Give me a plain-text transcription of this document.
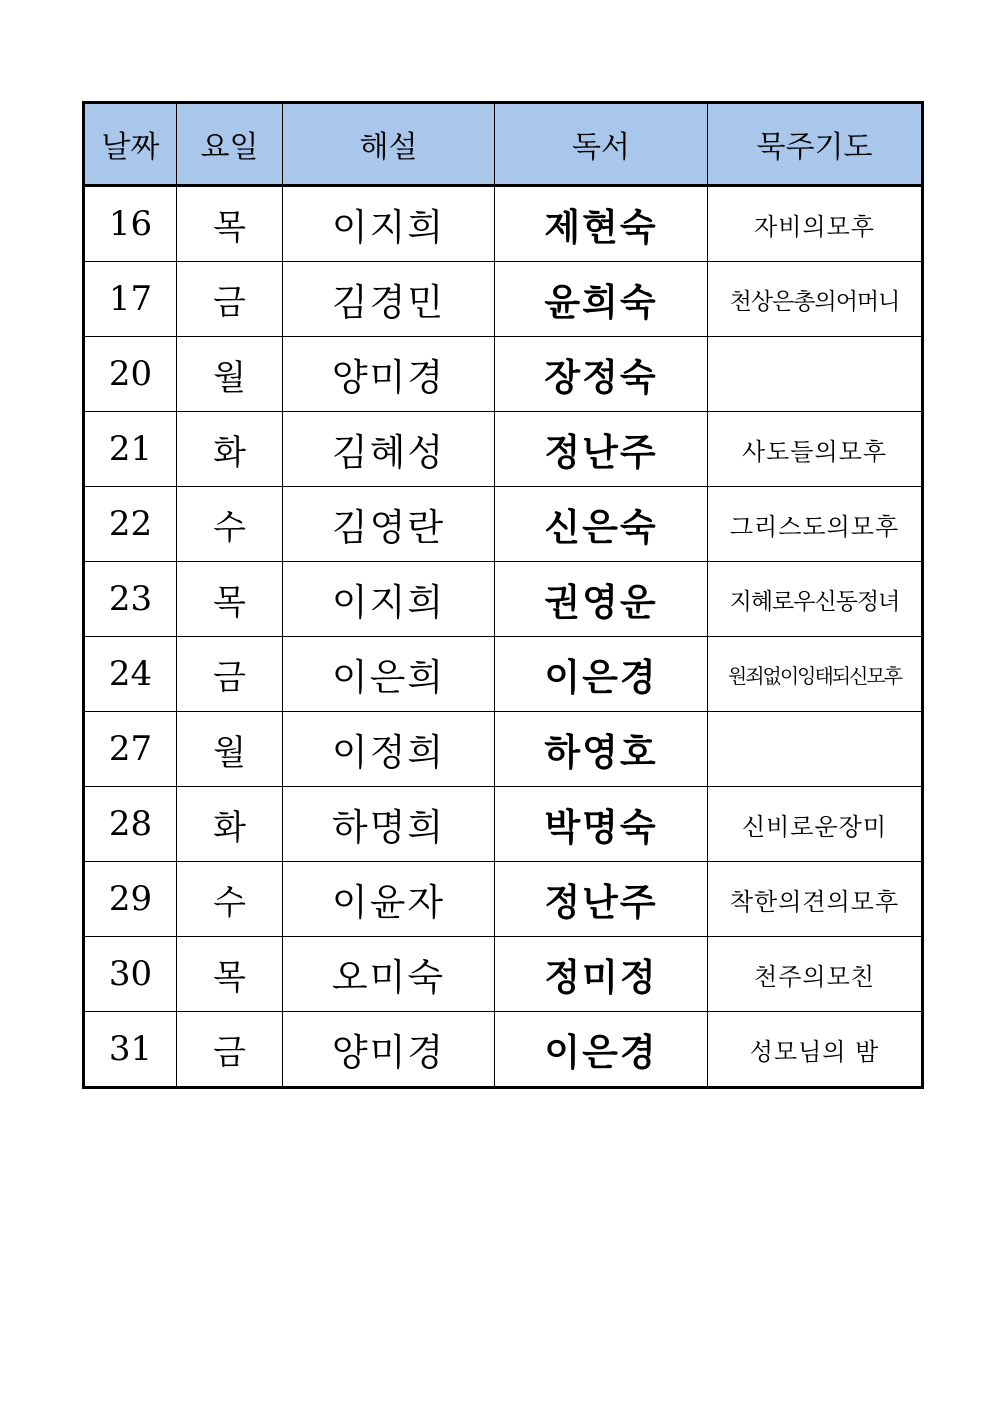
날짜	요일	해설	독서	묵주기도
16	목	이지희	제현숙	자비의모후
17	금	김경민	윤희숙	천상은총의어머니
20	월	양미경	장정숙	
21	화	김혜성	정난주	사도들의모후
22	수	김영란	신은숙	그리스도의모후
23	목	이지희	권영운	지혜로우신동정녀
24	금	이은희	이은경	원죄없이잉태되신모후
27	월	이정희	하영호	
28	화	하명희	박명숙	신비로운장미
29	수	이윤자	정난주	착한의견의모후
30	목	오미숙	정미정	천주의모친
31	금	양미경	이은경	성모님의 밤
